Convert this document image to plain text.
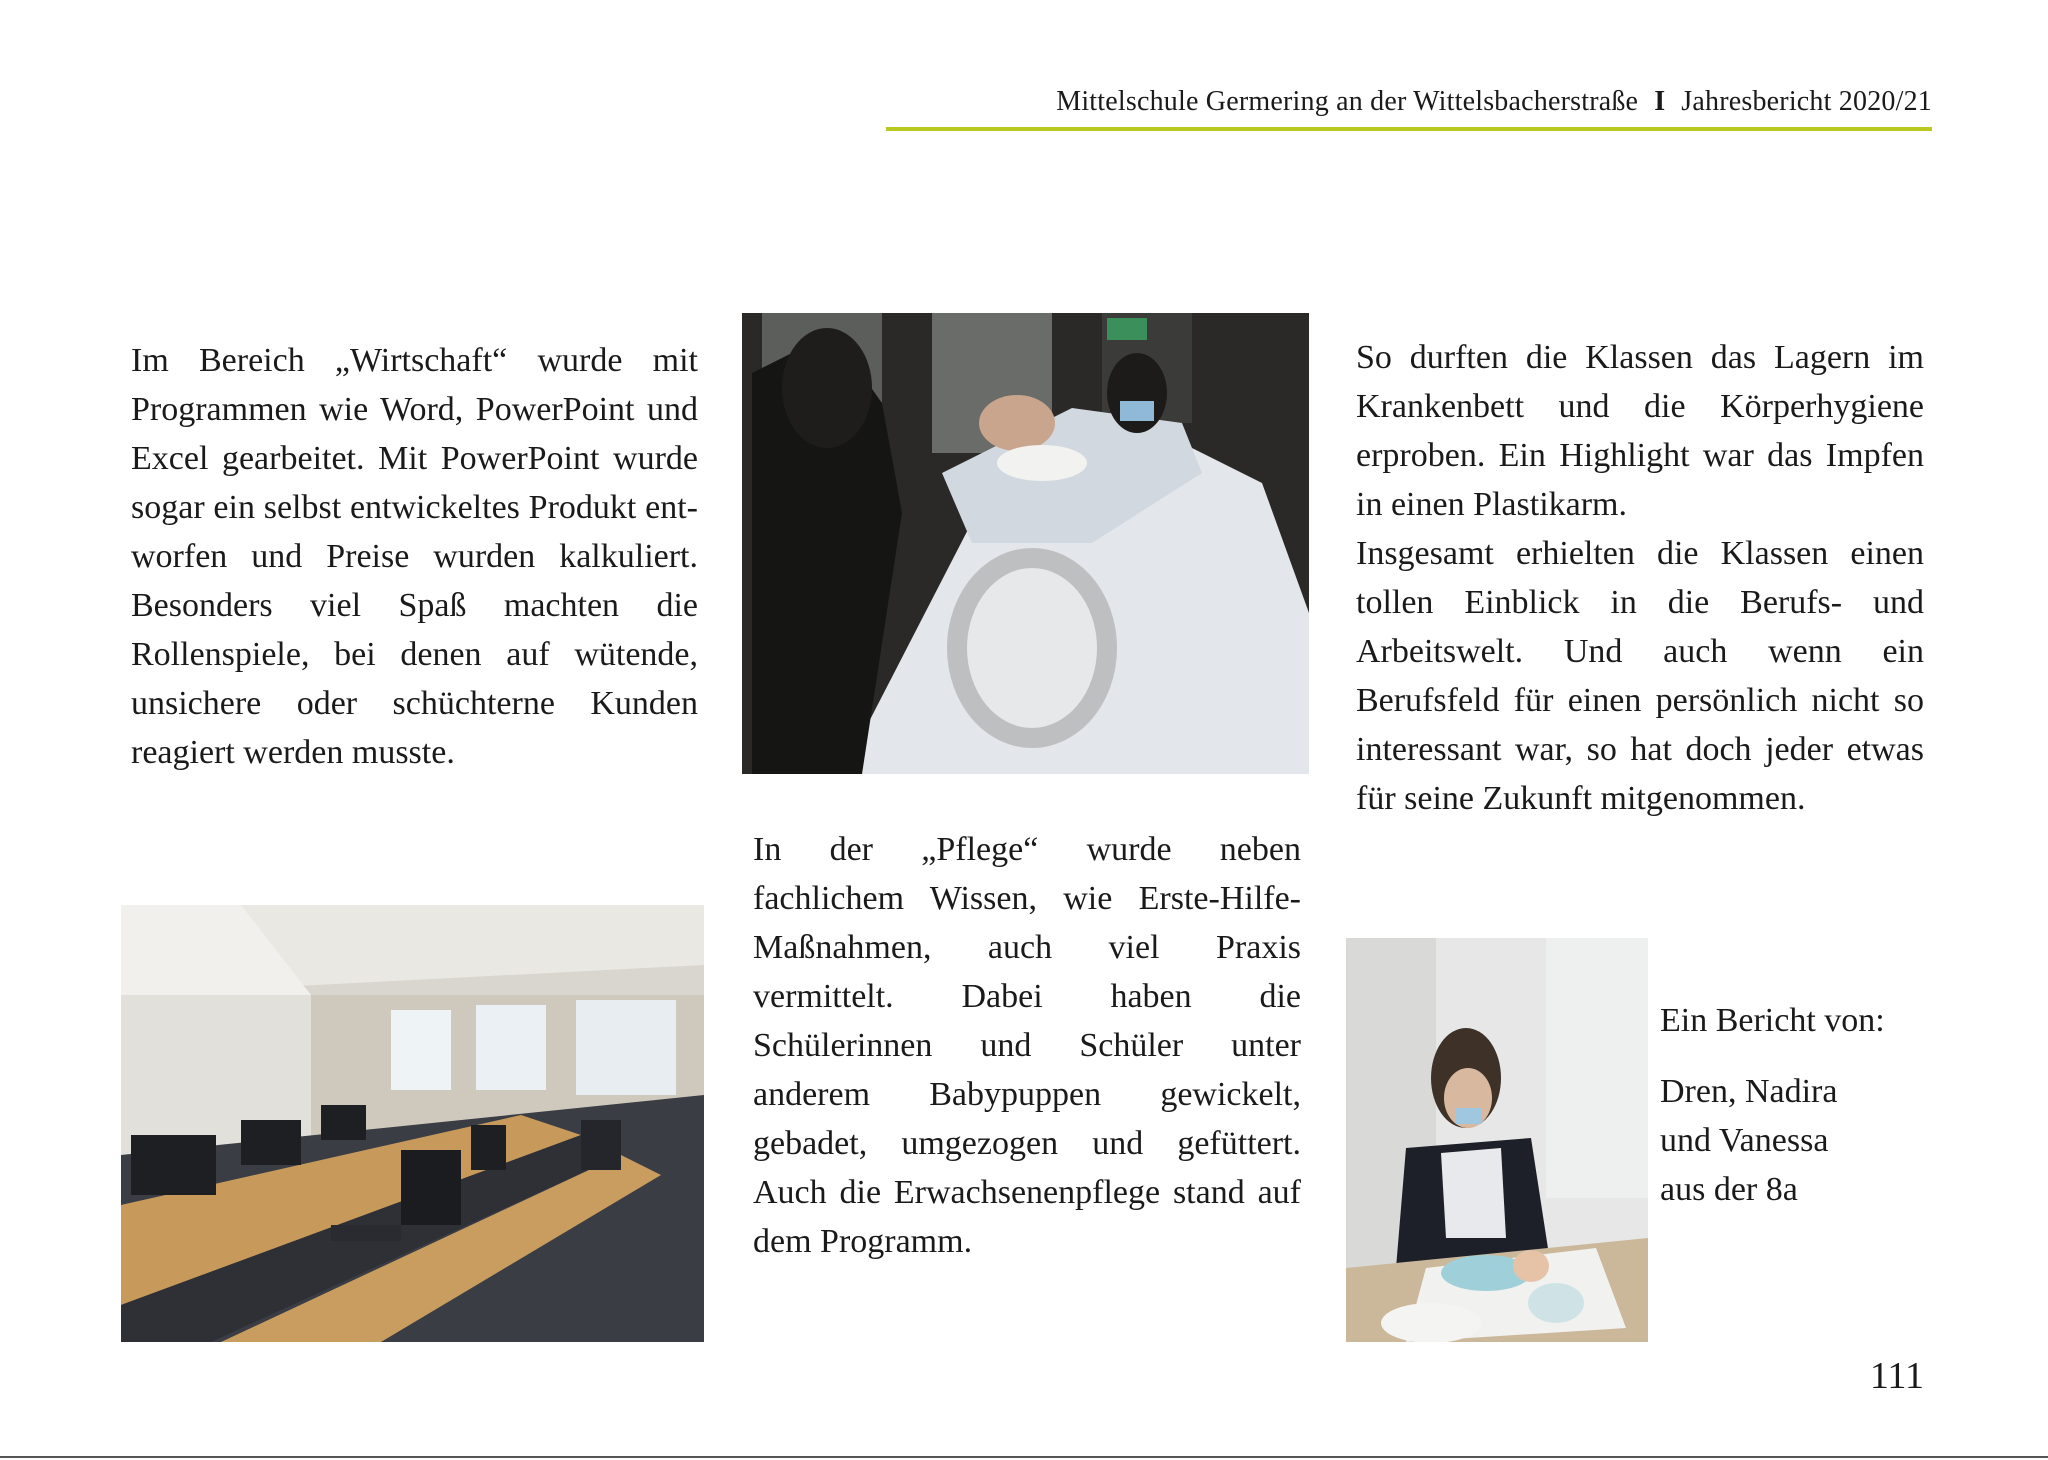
Mittelschule Germering an der Wittelsbacherstraße I Jahresbericht 2020/21

Im Bereich „Wirtschaft“ wurde mit Programmen wie Word, PowerPoint und Excel gearbeitet. Mit PowerPoint wurde sogar ein selbst entwickeltes Produkt entworfen und Preise wurden kalkuliert. Besonders viel Spaß machten die Rollenspiele, bei denen auf wütende, unsichere oder schüchterne Kunden reagiert werden musste.

In der „Pflege“ wurde neben fachlichem Wissen, wie Erste-Hilfe-Maßnahmen, auch viel Praxis vermittelt. Dabei haben die Schülerinnen und Schüler unter anderem Babypuppen gewickelt, gebadet, umgezogen und gefüttert. Auch die Erwachsenenpflege stand auf dem Programm.

So durften die Klassen das Lagern im Krankenbett und die Körperhygiene erproben. Ein Highlight war das Impfen in einen Plastikarm.

Insgesamt erhielten die Klassen einen tollen Einblick in die Berufs- und Arbeitswelt. Und auch wenn ein Berufsfeld für einen persönlich nicht so interessant war, so hat doch jeder etwas für seine Zukunft mitgenommen.

Ein Bericht von:
Dren, Nadira
und Vanessa
aus der 8a
111
